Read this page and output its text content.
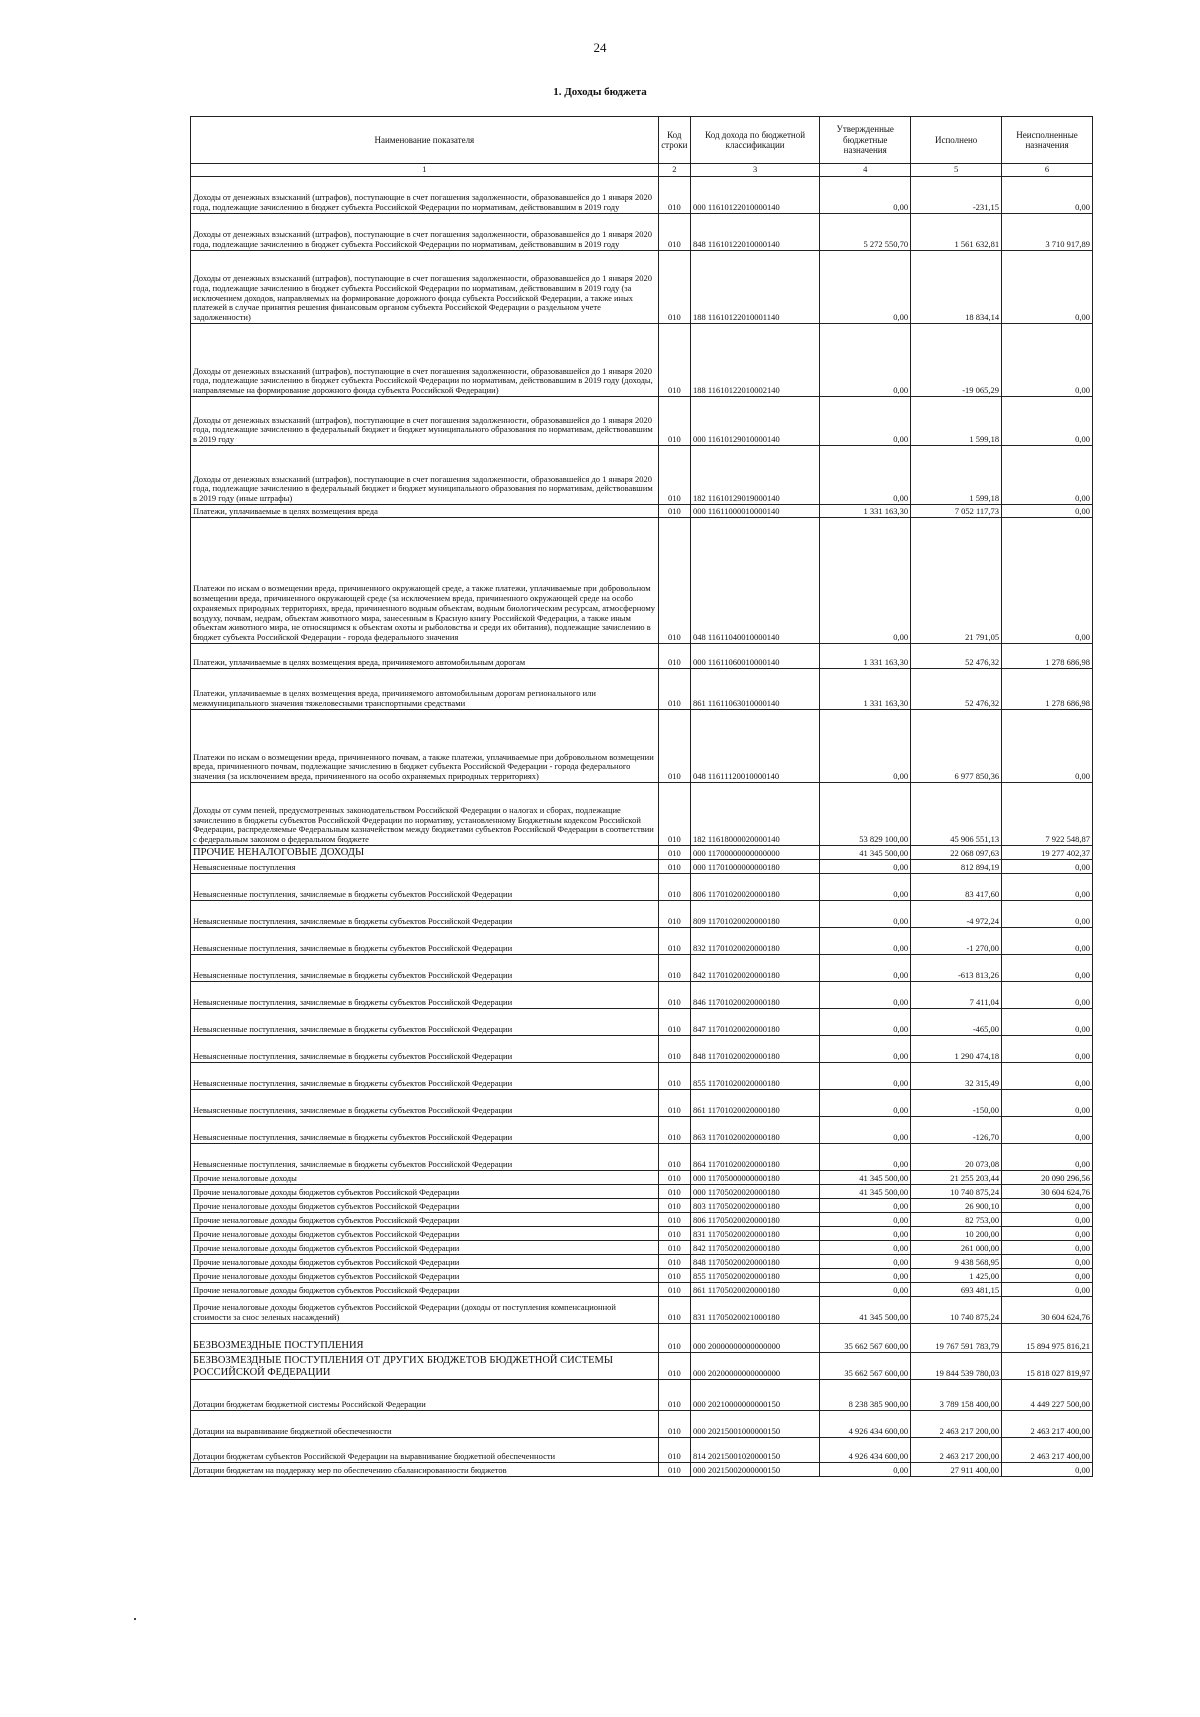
24
1. Доходы бюджета
Наименование показателя	Код строки	Код дохода по бюджетной классификации	Утвержденные бюджетные назначения	Исполнено	Неисполненные назначения
1	2	3	4	5	6
Доходы от денежных взысканий (штрафов), поступающие в счет погашения задолженности, образовавшейся до 1 января 2020 года, подлежащие зачислению в бюджет субъекта Российской Федерации по нормативам, действовавшим в 2019 году	010	000 11610122010000140	0,00	-231,15	0,00
Доходы от денежных взысканий (штрафов), поступающие в счет погашения задолженности, образовавшейся до 1 января 2020 года, подлежащие зачислению в бюджет субъекта Российской Федерации по нормативам, действовавшим в 2019 году	010	848 11610122010000140	5 272 550,70	1 561 632,81	3 710 917,89
Доходы от денежных взысканий (штрафов), поступающие в счет погашения задолженности, образовавшейся до 1 января 2020 года, подлежащие зачислению в бюджет субъекта Российской Федерации по нормативам, действовавшим в 2019 году (за исключением доходов, направляемых на формирование дорожного фонда субъекта Российской Федерации, а также иных платежей в случае принятия решения финансовым органом субъекта Российской Федерации о раздельном учете задолженности)	010	188 11610122010001140	0,00	18 834,14	0,00
Доходы от денежных взысканий (штрафов), поступающие в счет погашения задолженности, образовавшейся до 1 января 2020 года, подлежащие зачислению в бюджет субъекта Российской Федерации по нормативам, действовавшим в 2019 году (доходы, направляемые на формирование дорожного фонда субъекта Российской Федерации)	010	188 11610122010002140	0,00	-19 065,29	0,00
Доходы от денежных взысканий (штрафов), поступающие в счет погашения задолженности, образовавшейся до 1 января 2020 года, подлежащие зачислению в федеральный бюджет и бюджет муниципального образования по нормативам, действовавшим в 2019 году	010	000 11610129010000140	0,00	1 599,18	0,00
Доходы от денежных взысканий (штрафов), поступающие в счет погашения задолженности, образовавшейся до 1 января 2020 года, подлежащие зачислению в федеральный бюджет и бюджет муниципального образования по нормативам, действовавшим в 2019 году (иные штрафы)	010	182 11610129019000140	0,00	1 599,18	0,00
Платежи, уплачиваемые в целях возмещения вреда	010	000 11611000010000140	1 331 163,30	7 052 117,73	0,00
Платежи по искам о возмещении вреда, причиненного окружающей среде, а также платежи, уплачиваемые при добровольном возмещении вреда, причиненного окружающей среде (за исключением вреда, причиненного окружающей среде на особо охраняемых природных территориях, вреда, причиненного водным объектам, водным биологическим ресурсам, атмосферному воздуху, почвам, недрам, объектам животного мира, занесенным в Красную книгу Российской Федерации, а также иным объектам животного мира, не относящимся к объектам охоты и рыболовства и среди их обитания), подлежащие зачислению в бюджет субъекта Российской Федерации - города федерального значения	010	048 11611040010000140	0,00	21 791,05	0,00
Платежи, уплачиваемые в целях возмещения вреда, причиняемого автомобильным дорогам	010	000 11611060010000140	1 331 163,30	52 476,32	1 278 686,98
Платежи, уплачиваемые в целях возмещения вреда, причиняемого автомобильным дорогам регионального или межмуниципального значения тяжеловесными транспортными средствами	010	861 11611063010000140	1 331 163,30	52 476,32	1 278 686,98
Платежи по искам о возмещении вреда, причиненного почвам, а также платежи, уплачиваемые при добровольном возмещении вреда, причиненного почвам, подлежащие зачислению в бюджет субъекта Российской Федерации - города федерального значения (за исключением вреда, причиненного на особо охраняемых природных территориях)	010	048 11611120010000140	0,00	6 977 850,36	0,00
Доходы от сумм пеней, предусмотренных законодательством Российской Федерации о налогах и сборах, подлежащие зачислению в бюджеты субъектов Российской Федерации по нормативу, установленному Бюджетным кодексом Российской Федерации, распределяемые Федеральным казначейством между бюджетами субъектов Российской Федерации в соответствии с федеральным законом о федеральном бюджете	010	182 11618000020000140	53 829 100,00	45 906 551,13	7 922 548,87
ПРОЧИЕ НЕНАЛОГОВЫЕ ДОХОДЫ	010	000 11700000000000000	41 345 500,00	22 068 097,63	19 277 402,37
Невыясненные поступления	010	000 11701000000000180	0,00	812 894,19	0,00
Невыясненные поступления, зачисляемые в бюджеты субъектов Российской Федерации	010	806 11701020020000180	0,00	83 417,60	0,00
Невыясненные поступления, зачисляемые в бюджеты субъектов Российской Федерации	010	809 11701020020000180	0,00	-4 972,24	0,00
Невыясненные поступления, зачисляемые в бюджеты субъектов Российской Федерации	010	832 11701020020000180	0,00	-1 270,00	0,00
Невыясненные поступления, зачисляемые в бюджеты субъектов Российской Федерации	010	842 11701020020000180	0,00	-613 813,26	0,00
Невыясненные поступления, зачисляемые в бюджеты субъектов Российской Федерации	010	846 11701020020000180	0,00	7 411,04	0,00
Невыясненные поступления, зачисляемые в бюджеты субъектов Российской Федерации	010	847 11701020020000180	0,00	-465,00	0,00
Невыясненные поступления, зачисляемые в бюджеты субъектов Российской Федерации	010	848 11701020020000180	0,00	1 290 474,18	0,00
Невыясненные поступления, зачисляемые в бюджеты субъектов Российской Федерации	010	855 11701020020000180	0,00	32 315,49	0,00
Невыясненные поступления, зачисляемые в бюджеты субъектов Российской Федерации	010	861 11701020020000180	0,00	-150,00	0,00
Невыясненные поступления, зачисляемые в бюджеты субъектов Российской Федерации	010	863 11701020020000180	0,00	-126,70	0,00
Невыясненные поступления, зачисляемые в бюджеты субъектов Российской Федерации	010	864 11701020020000180	0,00	20 073,08	0,00
Прочие неналоговые доходы	010	000 11705000000000180	41 345 500,00	21 255 203,44	20 090 296,56
Прочие неналоговые доходы бюджетов субъектов Российской Федерации	010	000 11705020020000180	41 345 500,00	10 740 875,24	30 604 624,76
Прочие неналоговые доходы бюджетов субъектов Российской Федерации	010	803 11705020020000180	0,00	26 900,10	0,00
Прочие неналоговые доходы бюджетов субъектов Российской Федерации	010	806 11705020020000180	0,00	82 753,00	0,00
Прочие неналоговые доходы бюджетов субъектов Российской Федерации	010	831 11705020020000180	0,00	10 200,00	0,00
Прочие неналоговые доходы бюджетов субъектов Российской Федерации	010	842 11705020020000180	0,00	261 000,00	0,00
Прочие неналоговые доходы бюджетов субъектов Российской Федерации	010	848 11705020020000180	0,00	9 438 568,95	0,00
Прочие неналоговые доходы бюджетов субъектов Российской Федерации	010	855 11705020020000180	0,00	1 425,00	0,00
Прочие неналоговые доходы бюджетов субъектов Российской Федерации	010	861 11705020020000180	0,00	693 481,15	0,00
Прочие неналоговые доходы бюджетов субъектов Российской Федерации (доходы от поступления компенсационной стоимости за снос зеленых насаждений)	010	831 11705020021000180	41 345 500,00	10 740 875,24	30 604 624,76
БЕЗВОЗМЕЗДНЫЕ ПОСТУПЛЕНИЯ	010	000 20000000000000000	35 662 567 600,00	19 767 591 783,79	15 894 975 816,21
БЕЗВОЗМЕЗДНЫЕ ПОСТУПЛЕНИЯ ОТ ДРУГИХ БЮДЖЕТОВ БЮДЖЕТНОЙ СИСТЕМЫ РОССИЙСКОЙ ФЕДЕРАЦИИ	010	000 20200000000000000	35 662 567 600,00	19 844 539 780,03	15 818 027 819,97
Дотации бюджетам бюджетной системы Российской Федерации	010	000 20210000000000150	8 238 385 900,00	3 789 158 400,00	4 449 227 500,00
Дотации на выравнивание бюджетной обеспеченности	010	000 20215001000000150	4 926 434 600,00	2 463 217 200,00	2 463 217 400,00
Дотации бюджетам субъектов Российской Федерации на выравнивание бюджетной обеспеченности	010	814 20215001020000150	4 926 434 600,00	2 463 217 200,00	2 463 217 400,00
Дотации бюджетам на поддержку мер по обеспечению сбалансированности бюджетов	010	000 20215002000000150	0,00	27 911 400,00	0,00
